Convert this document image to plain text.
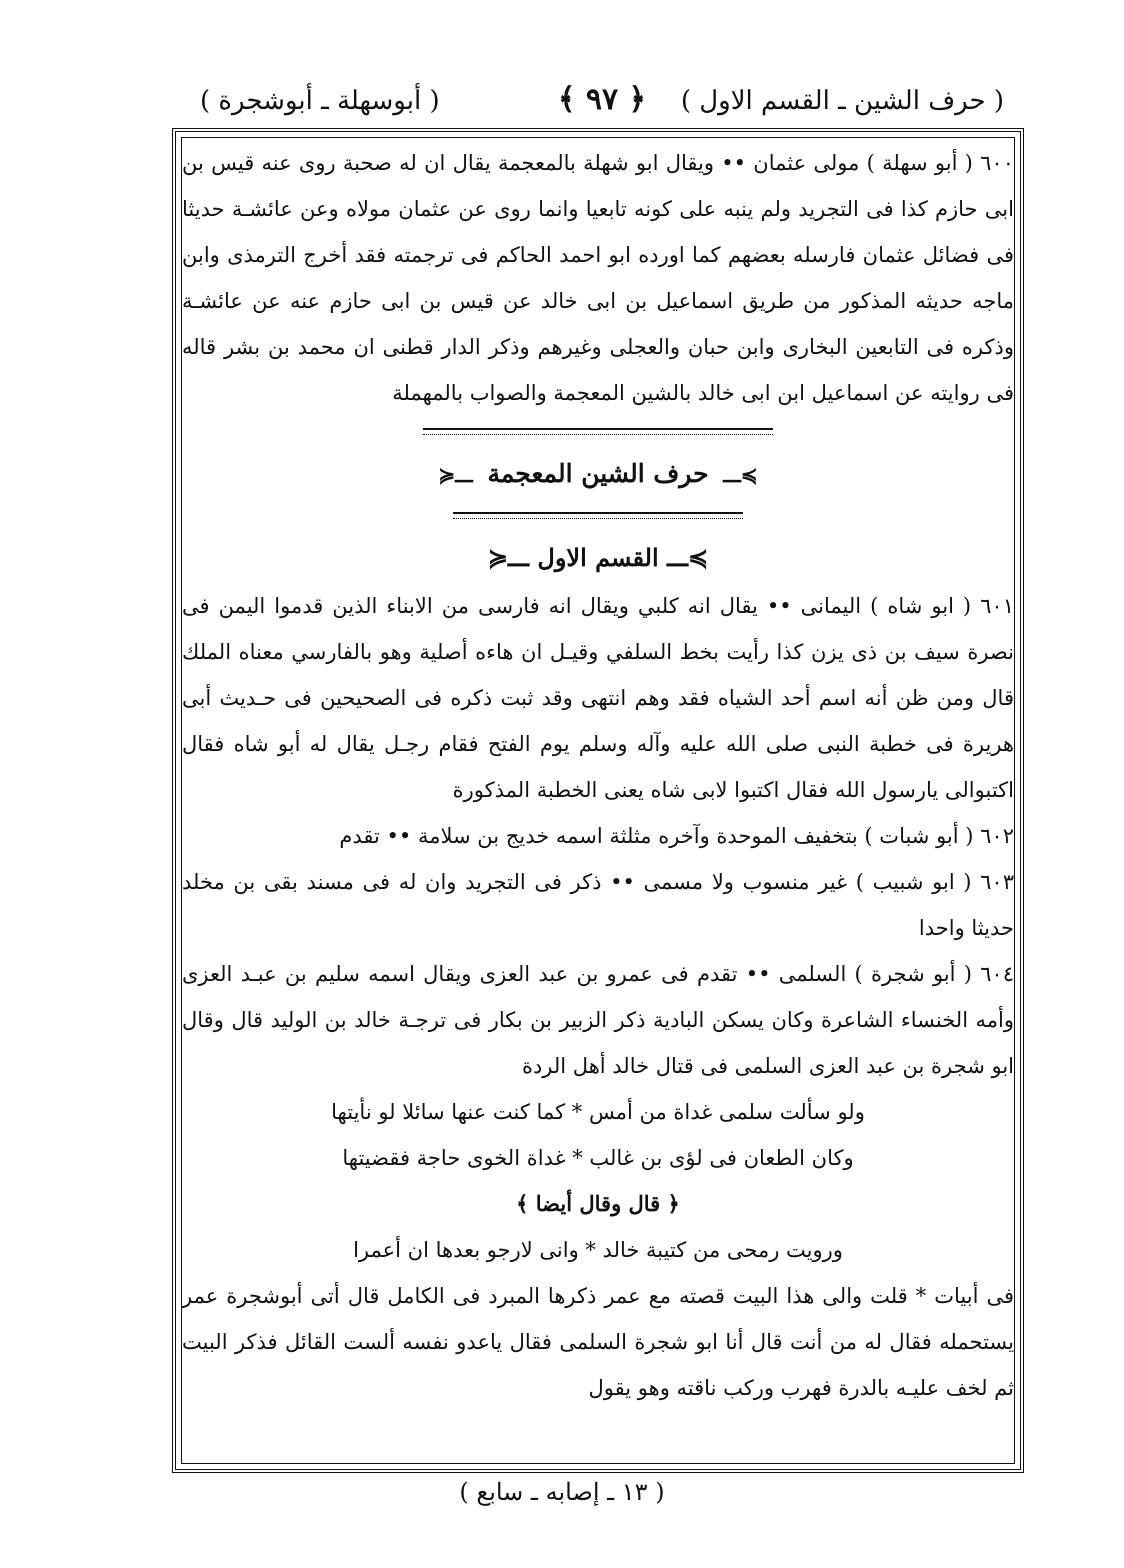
( حرف الشين ـ القسم الاول )
﴿ ٩٧ ﴾
( أبوسهلة ـ أبوشجرة )

٦٠٠ ( أبو سهلة ) مولى عثمان •• ويقال ابو شهلة بالمعجمة يقال ان له صحبة روى عنه قيس بن ابى حازم كذا فى التجريد ولم ينبه على كونه تابعيا وانما روى عن عثمان مولاه وعن عائشـة حديثا فى فضائل عثمان فارسله بعضهم كما اورده ابو احمد الحاكم فى ترجمته فقد أخرج الترمذى وابن ماجه حديثه المذكور من طريق اسماعيل بن ابى خالد عن قيس بن ابى حازم عنه عن عائشـة وذكره فى التابعين البخارى وابن حبان والعجلى وغيرهم وذكر الدار قطنى ان محمد بن بشر قاله فى روايته عن اسماعيل ابن ابى خالد بالشين المعجمة والصواب بالمهملة

≽ـــ حرف الشين المعجمة ـــ≼
≽ـــ القسم الاول ـــ≼

٦٠١ ( ابو شاه ) اليمانى •• يقال انه كلبي ويقال انه فارسى من الابناء الذين قدموا اليمن فى نصرة سيف بن ذى يزن كذا رأيت بخط السلفي وقيـل ان هاءه أصلية وهو بالفارسي معناه الملك قال ومن ظن أنه اسم أحد الشياه فقد وهم انتهى وقد ثبت ذكره فى الصحيحين فى حـديث أبى هريرة فى خطبة النبى صلى الله عليه وآله وسلم يوم الفتح فقام رجـل يقال له أبو شاه فقال اكتبوالى يارسول الله فقال اكتبوا لابى شاه يعنى الخطبة المذكورة

٦٠٢ ( أبو شبات ) بتخفيف الموحدة وآخره مثلثة اسمه خديج بن سلامة •• تقدم

٦٠٣ ( ابو شبيب ) غير منسوب ولا مسمى •• ذكر فى التجريد وان له فى مسند بقى بن مخلد حديثا واحدا

٦٠٤ ( أبو شجرة ) السلمى •• تقدم فى عمرو بن عبد العزى ويقال اسمه سليم بن عبـد العزى وأمه الخنساء الشاعرة وكان يسكن البادية ذكر الزبير بن بكار فى ترجـة خالد بن الوليد قال وقال ابو شجرة بن عبد العزى السلمى فى قتال خالد أهل الردة

ولو سألت سلمى غداة من أمس * كما كنت عنها سائلا لو نأيتها

وكان الطعان فى لؤى بن غالب * غداة الخوى حاجة فقضيتها

﴿ قال وقال أيضا ﴾

ورويت رمحى من كتيبة خالد * وانى لارجو بعدها ان أعمرا

فى أبيات * قلت والى هذا البيت قصته مع عمر ذكرها المبرد فى الكامل قال أتى أبوشجرة عمر يستحمله فقال له من أنت قال أنا ابو شجرة السلمى فقال ياعدو نفسه ألست القائل فذكر البيت ثم لخف عليـه بالدرة فهرب وركب ناقته وهو يقول

( ١٣ ـ إصابه ـ سابع )
